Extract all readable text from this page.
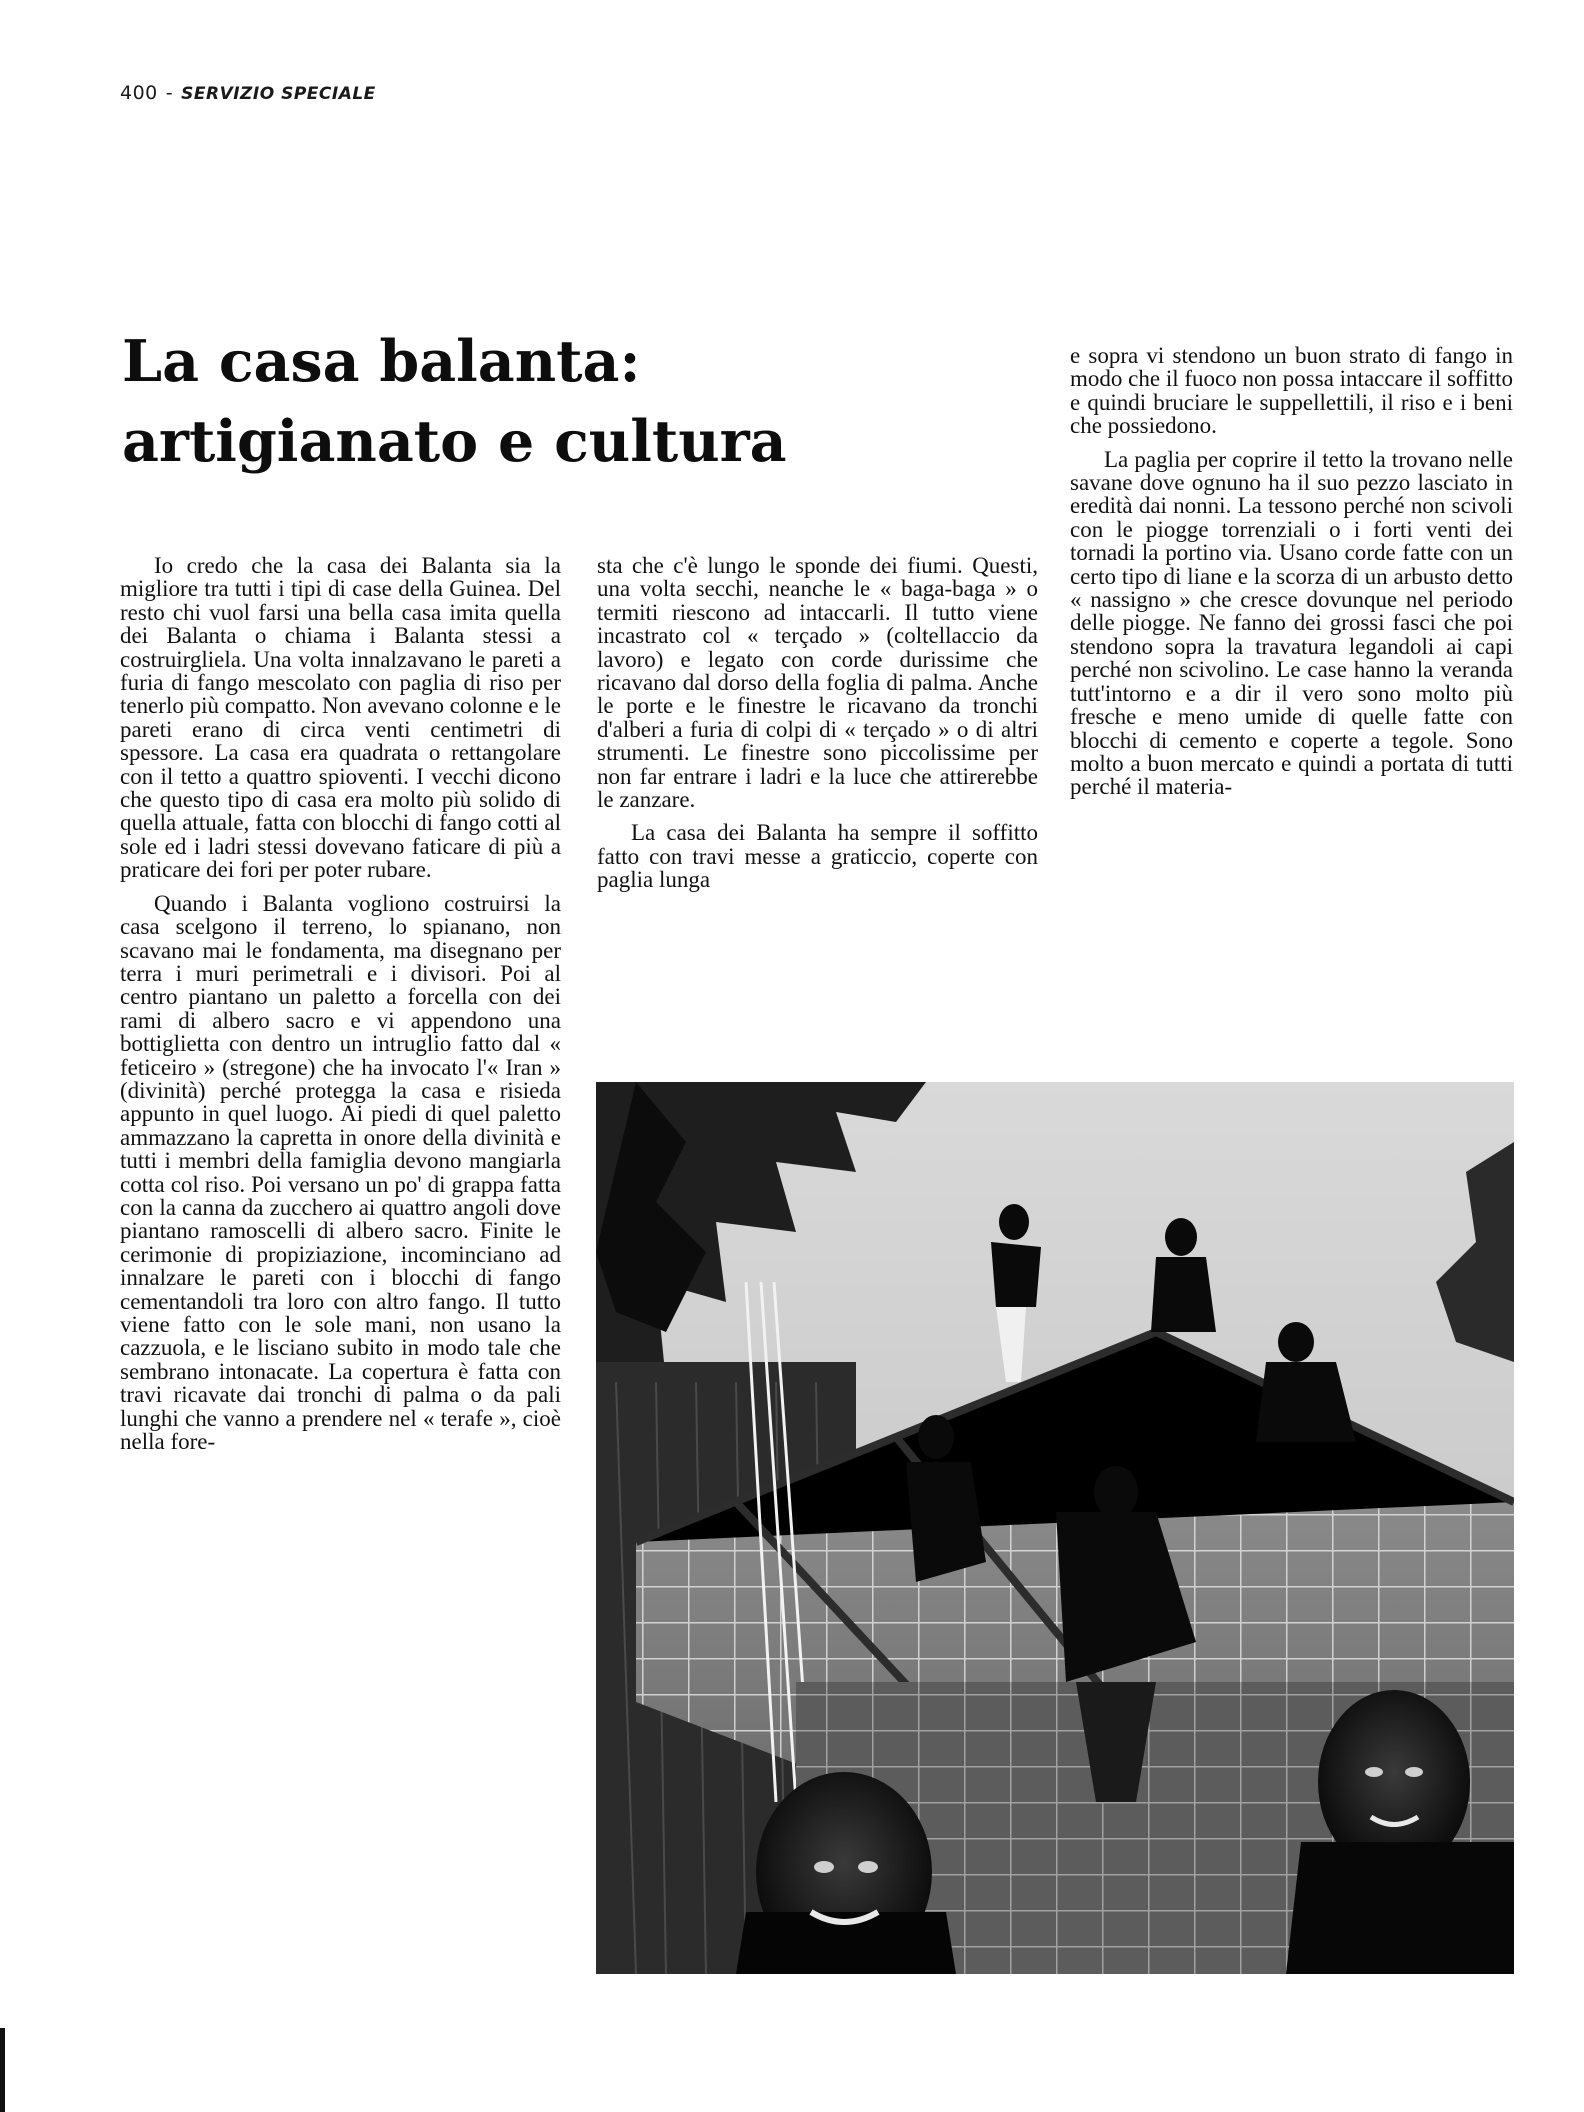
400 - SERVIZIO SPECIALE
La casa balanta:
artigianato e cultura

Io credo che la casa dei Balanta sia la migliore tra tutti i tipi di case della Guinea. Del resto chi vuol farsi una bella casa imita quella dei Balanta o chiama i Balanta stessi a costruirgliela. Una volta innalzavano le pareti a furia di fango mescolato con paglia di riso per tenerlo più compatto. Non avevano colonne e le pareti erano di circa venti centimetri di spessore. La casa era quadrata o rettangolare con il tetto a quattro spioventi. I vecchi dicono che questo tipo di casa era molto più solido di quella attuale, fatta con blocchi di fango cotti al sole ed i ladri stessi dovevano faticare di più a praticare dei fori per poter rubare.

Quando i Balanta vogliono costruirsi la casa scelgono il terreno, lo spianano, non scavano mai le fondamenta, ma disegnano per terra i muri perimetrali e i divisori. Poi al centro piantano un paletto a forcella con dei rami di albero sacro e vi appendono una bottiglietta con dentro un intruglio fatto dal « feticeiro » (stregone) che ha invocato l'« Iran » (divinità) perché protegga la casa e risieda appunto in quel luogo. Ai piedi di quel paletto ammazzano la capretta in onore della divinità e tutti i membri della famiglia devono mangiarla cotta col riso. Poi versano un po' di grappa fatta con la canna da zucchero ai quattro angoli dove piantano ramoscelli di albero sacro. Finite le cerimonie di propiziazione, incominciano ad innalzare le pareti con i blocchi di fango cementandoli tra loro con altro fango. Il tutto viene fatto con le sole mani, non usano la cazzuola, e le lisciano subito in modo tale che sembrano intonacate. La copertura è fatta con travi ricavate dai tronchi di palma o da pali lunghi che vanno a prendere nel « terafe », cioè nella fore-

sta che c'è lungo le sponde dei fiumi. Questi, una volta secchi, neanche le « baga-baga » o termiti riescono ad intaccarli. Il tutto viene incastrato col « terçado » (coltellaccio da lavoro) e legato con corde durissime che ricavano dal dorso della foglia di palma. Anche le porte e le finestre le ricavano da tronchi d'alberi a furia di colpi di « terçado » o di altri strumenti. Le finestre sono piccolissime per non far entrare i ladri e la luce che attirerebbe le zanzare.

La casa dei Balanta ha sempre il soffitto fatto con travi messe a graticcio, coperte con paglia lunga

e sopra vi stendono un buon strato di fango in modo che il fuoco non possa intaccare il soffitto e quindi bruciare le suppellettili, il riso e i beni che possiedono.

La paglia per coprire il tetto la trovano nelle savane dove ognuno ha il suo pezzo lasciato in eredità dai nonni. La tessono perché non scivoli con le piogge torrenziali o i forti venti dei tornadi la portino via. Usano corde fatte con un certo tipo di liane e la scorza di un arbusto detto « nassigno » che cresce dovunque nel periodo delle piogge. Ne fanno dei grossi fasci che poi stendono sopra la travatura legandoli ai capi perché non scivolino. Le case hanno la veranda tutt'intorno e a dir il vero sono molto più fresche e meno umide di quelle fatte con blocchi di cemento e coperte a tegole. Sono molto a buon mercato e quindi a portata di tutti perché il materia-
